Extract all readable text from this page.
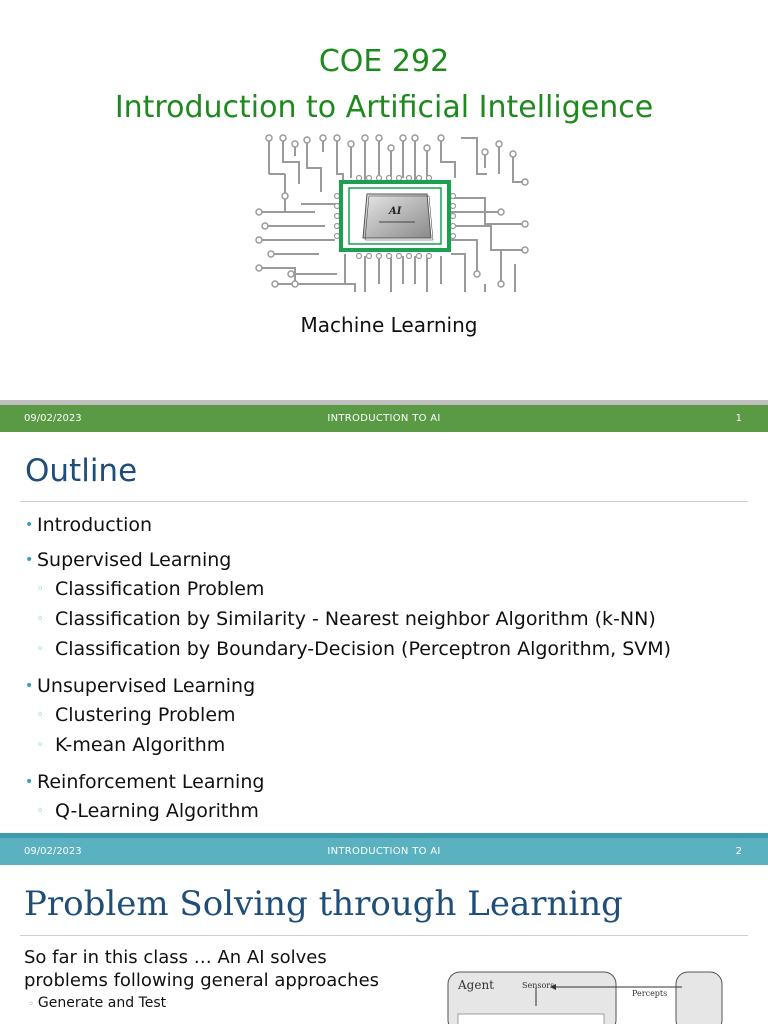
COE 292
Introduction to Artificial Intelligence
AI
Machine Learning
09/02/2023	INTRODUCTION TO AI	1
Outline
• Introduction
• Supervised Learning
◦ Classification Problem
◦ Classification by Similarity - Nearest neighbor Algorithm (k-NN)
◦ Classification by Boundary-Decision (Perceptron Algorithm, SVM)
• Unsupervised Learning
◦ Clustering Problem
◦ K-mean Algorithm
• Reinforcement Learning
◦ Q-Learning Algorithm
09/02/2023	INTRODUCTION TO AI	2
Problem Solving through Learning
So far in this class … An AI solves
problems following general approaches
◦ Generate and Test
Agent	Sensors
Percepts
